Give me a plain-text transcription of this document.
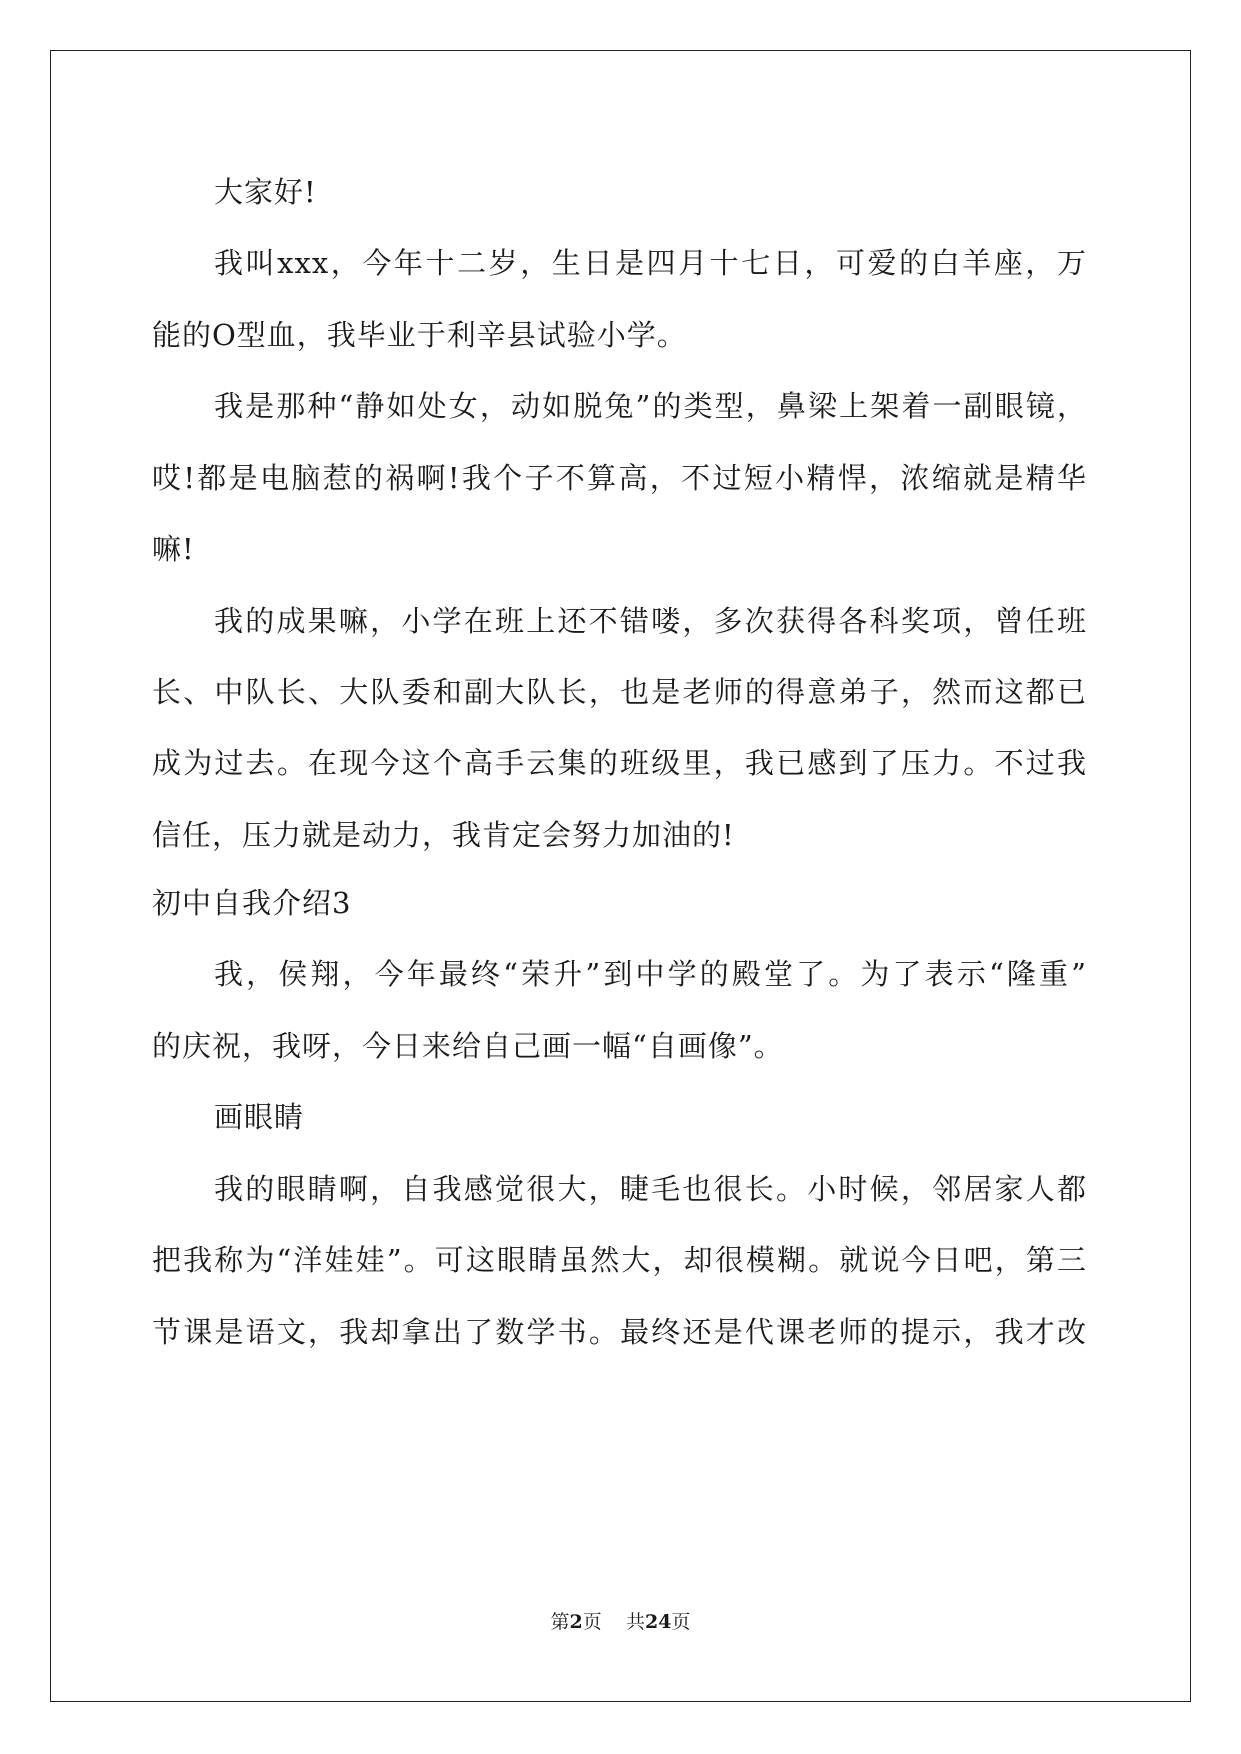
大家好!
我叫xxx，今年十二岁，生日是四月十七日，可爱的白羊座，万
能的O型血，我毕业于利辛县试验小学。
我是那种“静如处女，动如脱兔”的类型，鼻梁上架着一副眼镜，
哎!都是电脑惹的祸啊!我个子不算高，不过短小精悍，浓缩就是精华
嘛!
我的成果嘛，小学在班上还不错喽，多次获得各科奖项，曾任班
长、中队长、大队委和副大队长，也是老师的得意弟子，然而这都已
成为过去。在现今这个高手云集的班级里，我已感到了压力。不过我
信任，压力就是动力，我肯定会努力加油的!
初中自我介绍3
我，侯翔，今年最终“荣升”到中学的殿堂了。为了表示“隆重”
的庆祝，我呀，今日来给自己画一幅“自画像”。
画眼睛
我的眼睛啊，自我感觉很大，睫毛也很长。小时候，邻居家人都
把我称为“洋娃娃”。可这眼睛虽然大，却很模糊。就说今日吧，第三
节课是语文，我却拿出了数学书。最终还是代课老师的提示，我才改
第2页 共24页
